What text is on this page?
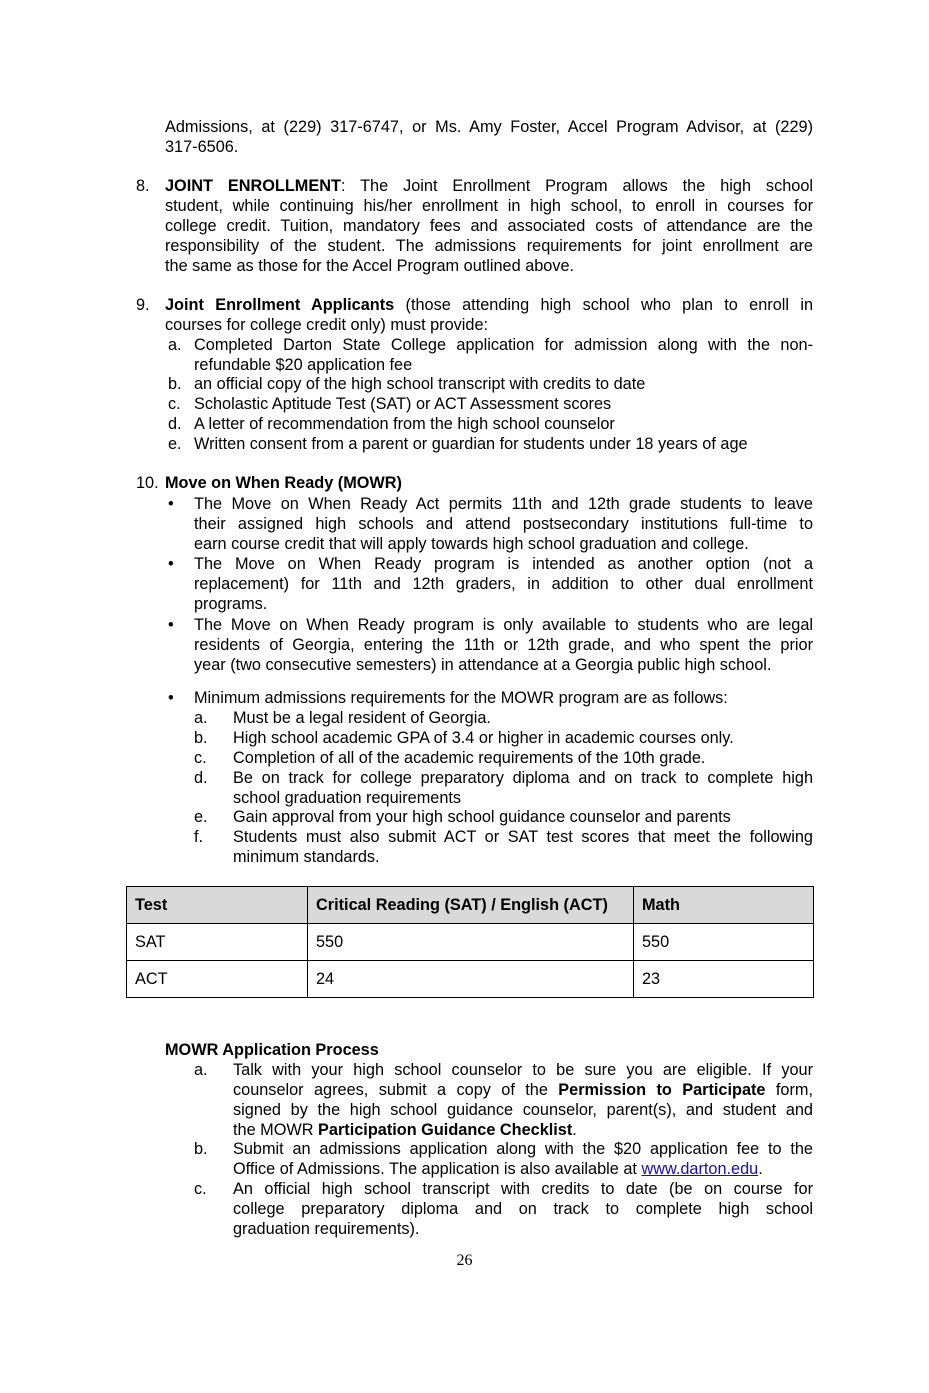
Admissions, at (229) 317-6747, or Ms. Amy Foster, Accel Program Advisor, at (229)
317-6506.
8. JOINT ENROLLMENT: The Joint Enrollment Program allows the high school
student, while continuing his/her enrollment in high school, to enroll in courses for
college credit. Tuition, mandatory fees and associated costs of attendance are the
responsibility of the student. The admissions requirements for joint enrollment are
the same as those for the Accel Program outlined above.
9. Joint Enrollment Applicants (those attending high school who plan to enroll in
courses for college credit only) must provide:
a. Completed Darton State College application for admission along with the non-
refundable $20 application fee
b. an official copy of the high school transcript with credits to date
c. Scholastic Aptitude Test (SAT) or ACT Assessment scores
d. A letter of recommendation from the high school counselor
e. Written consent from a parent or guardian for students under 18 years of age
10. Move on When Ready (MOWR)
• The Move on When Ready Act permits 11th and 12th grade students to leave
their assigned high schools and attend postsecondary institutions full-time to
earn course credit that will apply towards high school graduation and college.
• The Move on When Ready program is intended as another option (not a
replacement) for 11th and 12th graders, in addition to other dual enrollment
programs.
• The Move on When Ready program is only available to students who are legal
residents of Georgia, entering the 11th or 12th grade, and who spent the prior
year (two consecutive semesters) in attendance at a Georgia public high school.
• Minimum admissions requirements for the MOWR program are as follows:
a. Must be a legal resident of Georgia.
b. High school academic GPA of 3.4 or higher in academic courses only.
c. Completion of all of the academic requirements of the 10th grade.
d. Be on track for college preparatory diploma and on track to complete high
school graduation requirements
e. Gain approval from your high school guidance counselor and parents
f. Students must also submit ACT or SAT test scores that meet the following
minimum standards.
Test	Critical Reading (SAT) / English (ACT)	Math
SAT	550	550
ACT	24	23
MOWR Application Process
a. Talk with your high school counselor to be sure you are eligible. If your
counselor agrees, submit a copy of the Permission to Participate form,
signed by the high school guidance counselor, parent(s), and student and
the MOWR Participation Guidance Checklist.
b. Submit an admissions application along with the $20 application fee to the
Office of Admissions. The application is also available at www.darton.edu.
c. An official high school transcript with credits to date (be on course for
college preparatory diploma and on track to complete high school
graduation requirements).
26
